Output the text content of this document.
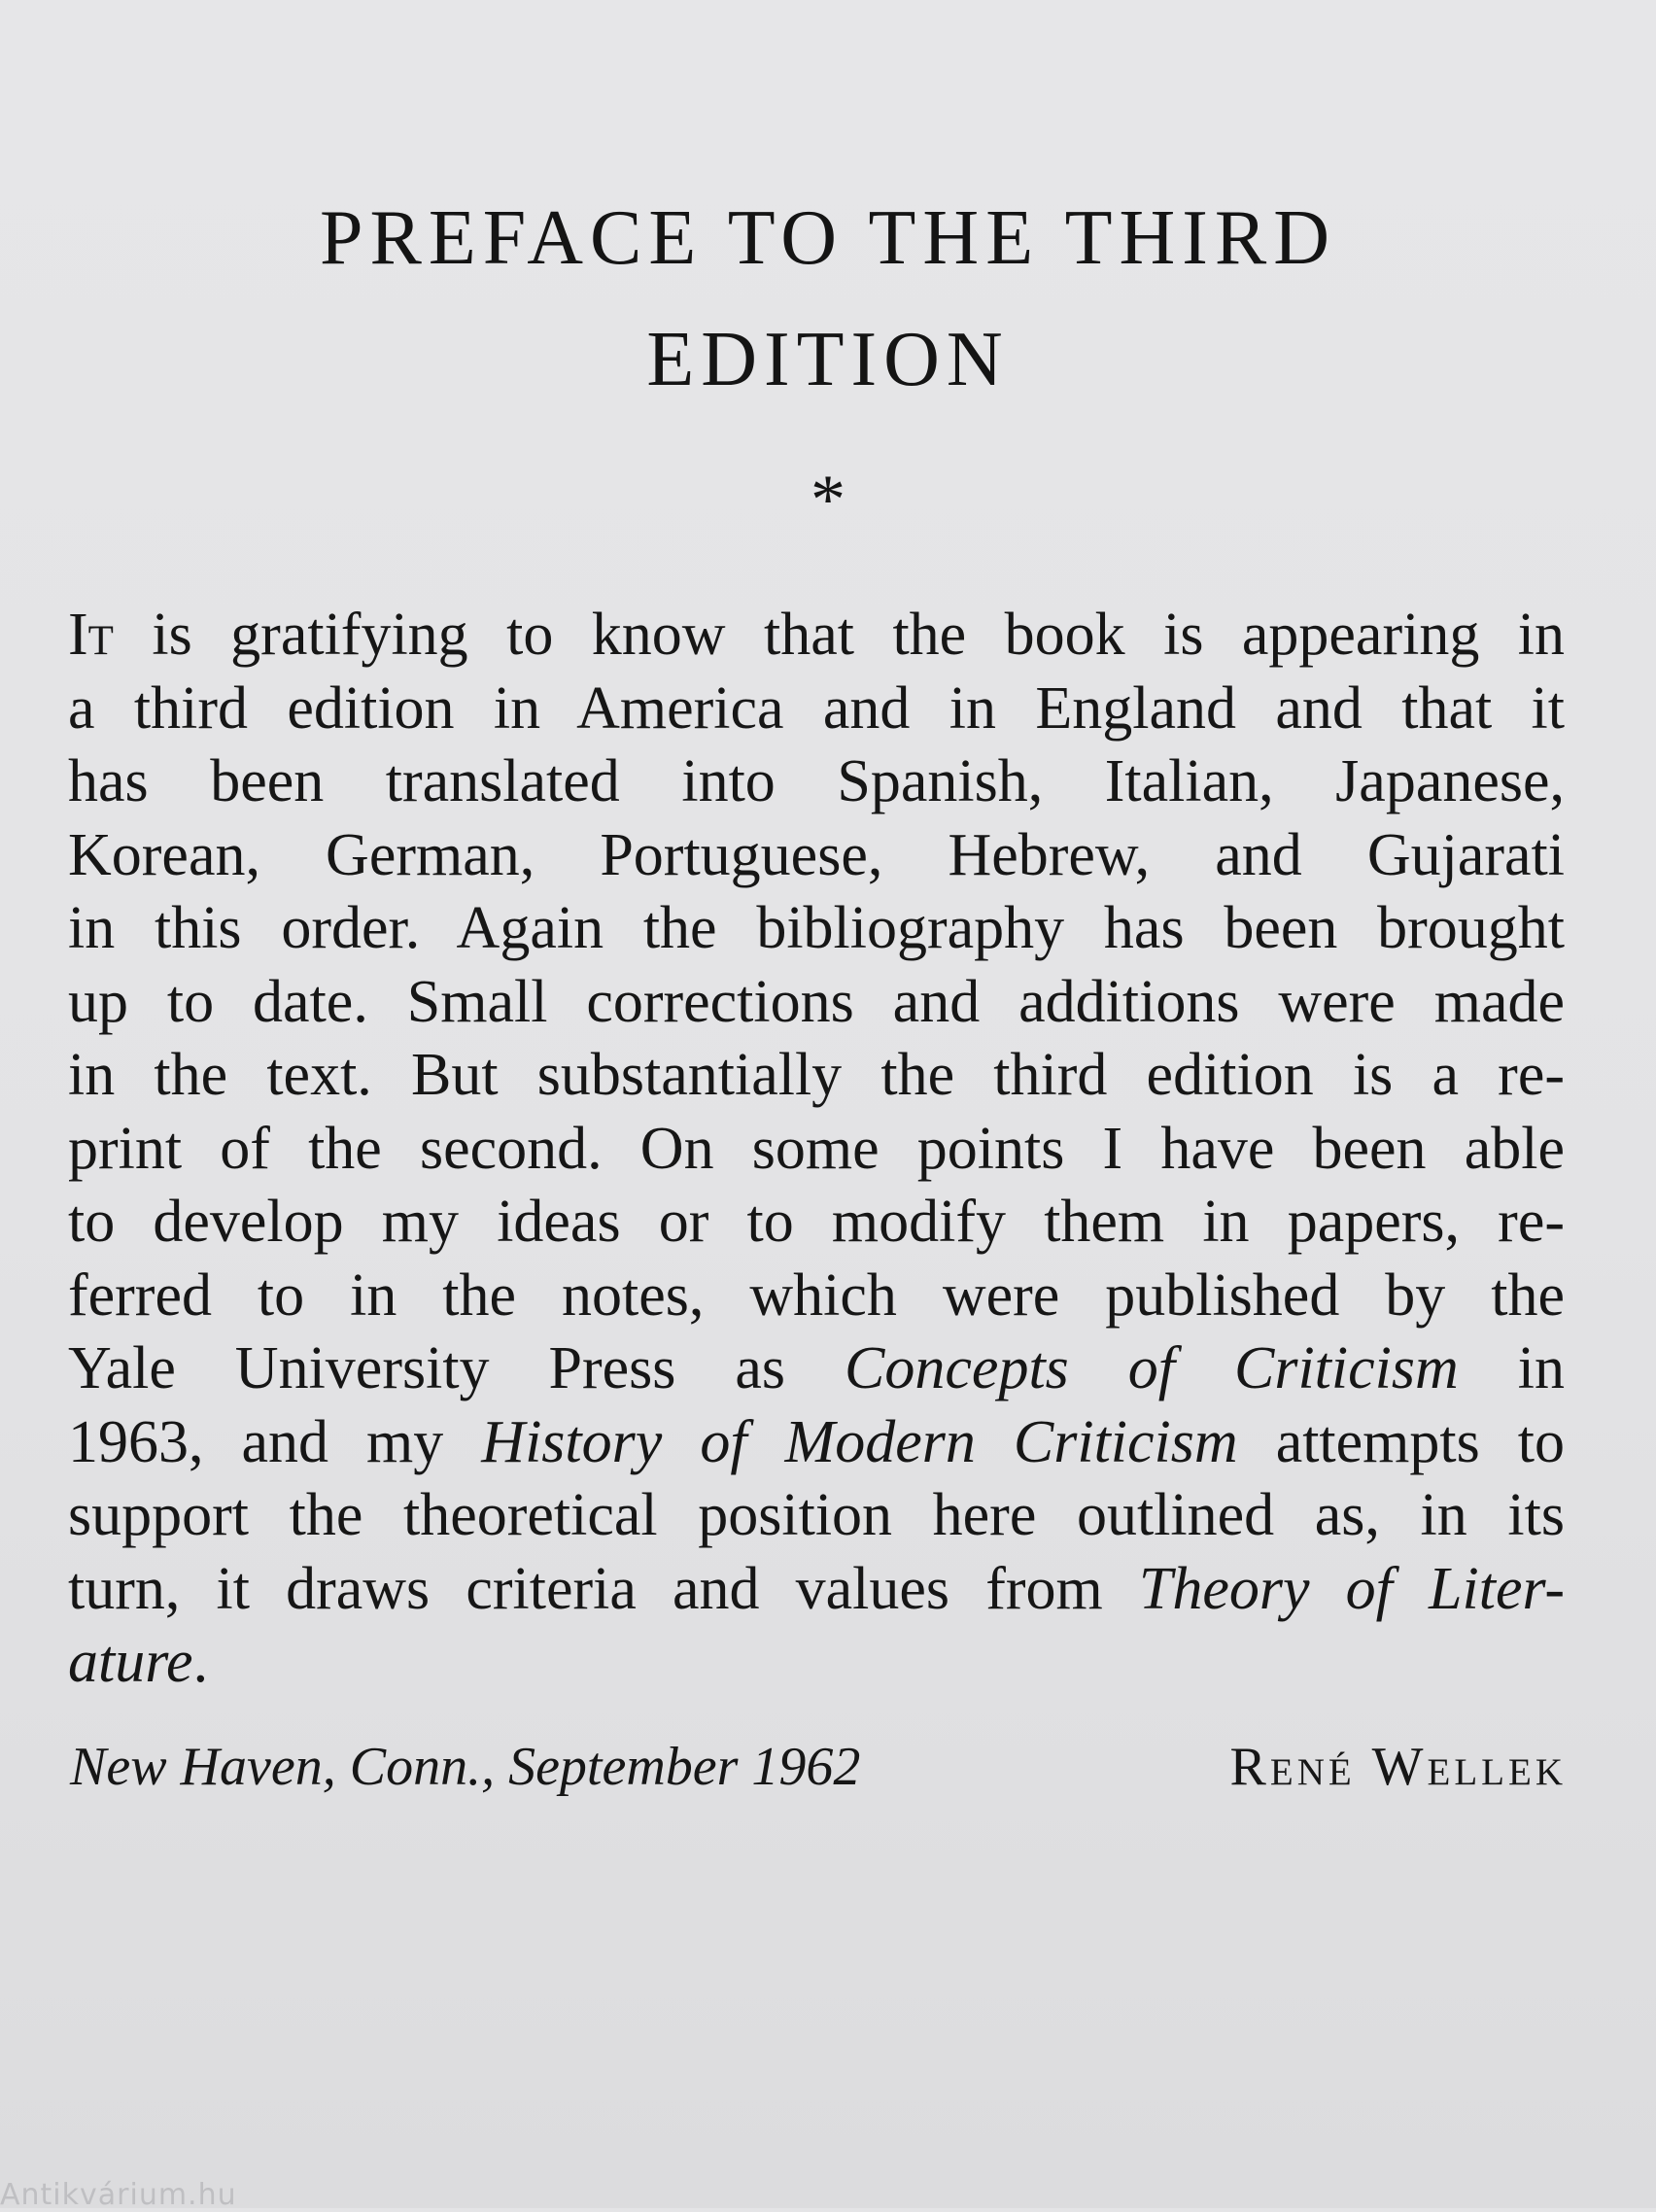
PREFACE TO THE THIRD
EDITION
*
It is gratifying to know that the book is appearing in
a third edition in America and in England and that it
has been translated into Spanish, Italian, Japanese,
Korean, German, Portuguese, Hebrew, and Gujarati
in this order. Again the bibliography has been brought
up to date. Small corrections and additions were made
in the text. But substantially the third edition is a re-
print of the second. On some points I have been able
to develop my ideas or to modify them in papers, re-
ferred to in the notes, which were published by the
Yale University Press as Concepts of Criticism in
1963, and my History of Modern Criticism attempts to
support the theoretical position here outlined as, in its
turn, it draws criteria and values from Theory of Liter-
ature.
New Haven, Conn., September 1962	René Wellek
Antikvárium.hu
